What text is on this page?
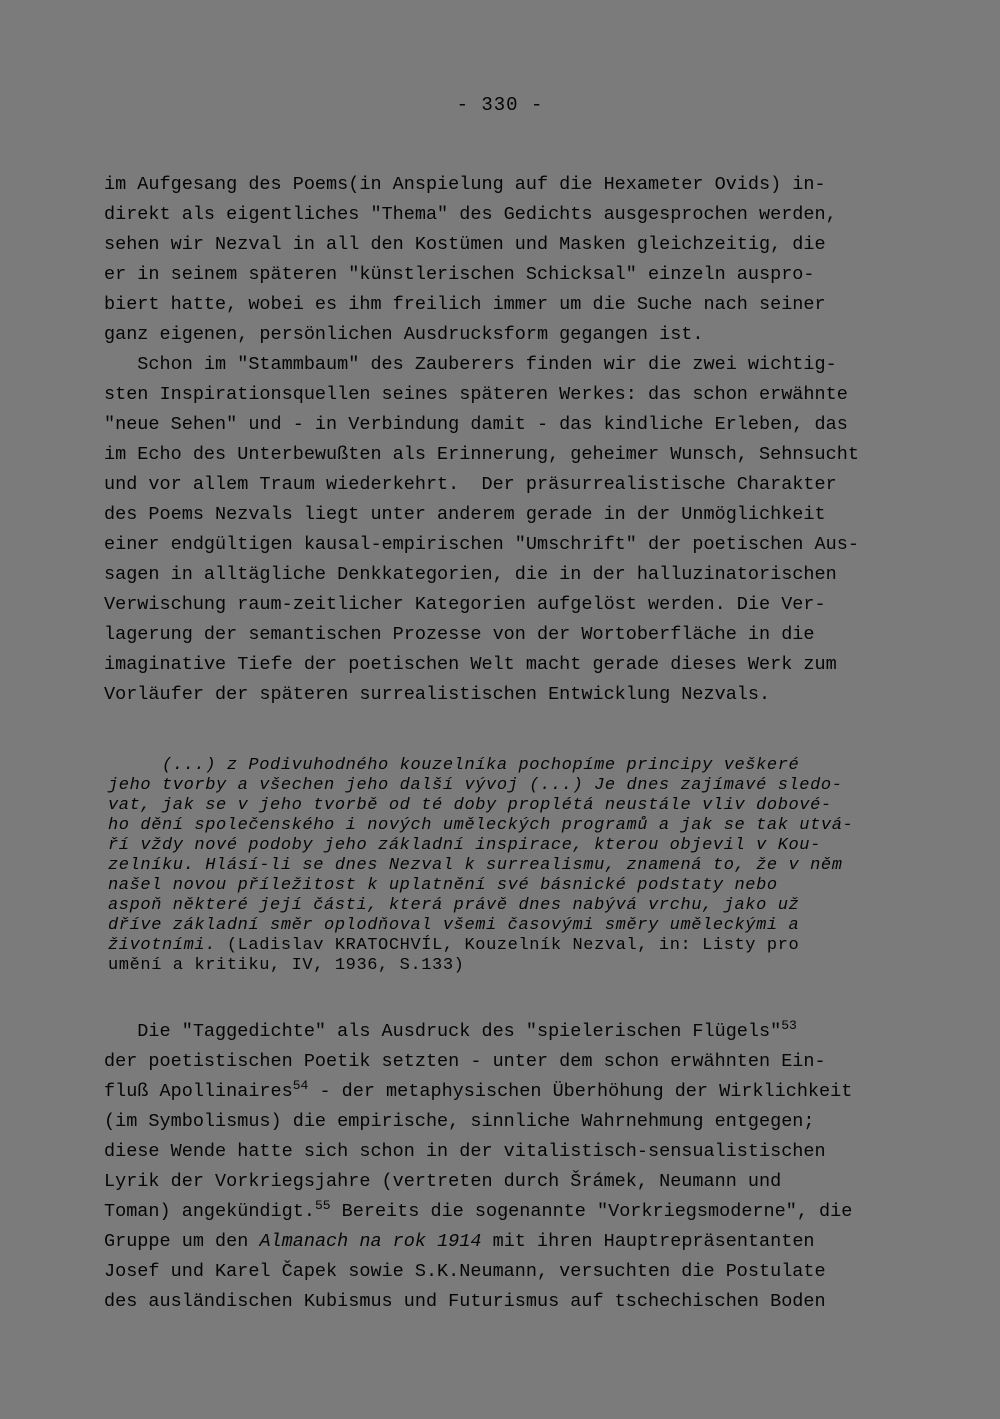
- 330 -
im Aufgesang des Poems(in Anspielung auf die Hexameter Ovids) in-
direkt als eigentliches "Thema" des Gedichts ausgesprochen werden,
sehen wir Nezval in all den Kostümen und Masken gleichzeitig, die
er in seinem späteren "künstlerischen Schicksal" einzeln auspro-
biert hatte, wobei es ihm freilich immer um die Suche nach seiner
ganz eigenen, persönlichen Ausdrucksform gegangen ist.
Schon im "Stammbaum" des Zauberers finden wir die zwei wichtig-
sten Inspirationsquellen seines späteren Werkes: das schon erwähnte
"neue Sehen" und - in Verbindung damit - das kindliche Erleben, das
im Echo des Unterbewußten als Erinnerung, geheimer Wunsch, Sehnsucht
und vor allem Traum wiederkehrt.  Der präsurrealistische Charakter
des Poems Nezvals liegt unter anderem gerade in der Unmöglichkeit
einer endgültigen kausal-empirischen "Umschrift" der poetischen Aus-
sagen in alltägliche Denkkategorien, die in der halluzinatorischen
Verwischung raum-zeitlicher Kategorien aufgelöst werden. Die Ver-
lagerung der semantischen Prozesse von der Wortoberfläche in die
imaginative Tiefe der poetischen Welt macht gerade dieses Werk zum
Vorläufer der späteren surrealistischen Entwicklung Nezvals.
(...) z Podivuhodného kouzelníka pochopíme principy veškeré
jeho tvorby a všechen jeho další vývoj (...) Je dnes zajímavé sledo-
vat, jak se v jeho tvorbě od té doby proplétá neustále vliv dobové-
ho dění společenského i nových uměleckých programů a jak se tak utvá-
ří vždy nové podoby jeho základní inspirace, kterou objevil v Kou-
zelníku. Hlásí-li se dnes Nezval k surrealismu, znamená to, že v něm
našel novou příležitost k uplatnění své básnické podstaty nebo
aspoň některé její části, která právě dnes nabývá vrchu, jako už
dříve základní směr oplodňoval všemi časovými směry uměleckými a
životními. (Ladislav KRATOCHVÍL, Kouzelník Nezval, in: Listy pro
umění a kritiku, IV, 1936, S.133)
Die "Taggedichte" als Ausdruck des "spielerischen Flügels"$^{53}$
der poetistischen Poetik setzten - unter dem schon erwähnten Ein-
fluß Apollinaires$^{54}$ - der metaphysischen Überhöhung der Wirklichkeit
(im Symbolismus) die empirische, sinnliche Wahrnehmung entgegen;
diese Wende hatte sich schon in der vitalistisch-sensualistischen
Lyrik der Vorkriegsjahre (vertreten durch Šrámek, Neumann und
Toman) angekündigt.$^{55}$ Bereits die sogenannte "Vorkriegsmoderne", die
Gruppe um den Almanach na rok 1914 mit ihren Hauptrepräsentanten
Josef und Karel Čapek sowie S.K.Neumann, versuchten die Postulate
des ausländischen Kubismus und Futurismus auf tschechischen Boden
